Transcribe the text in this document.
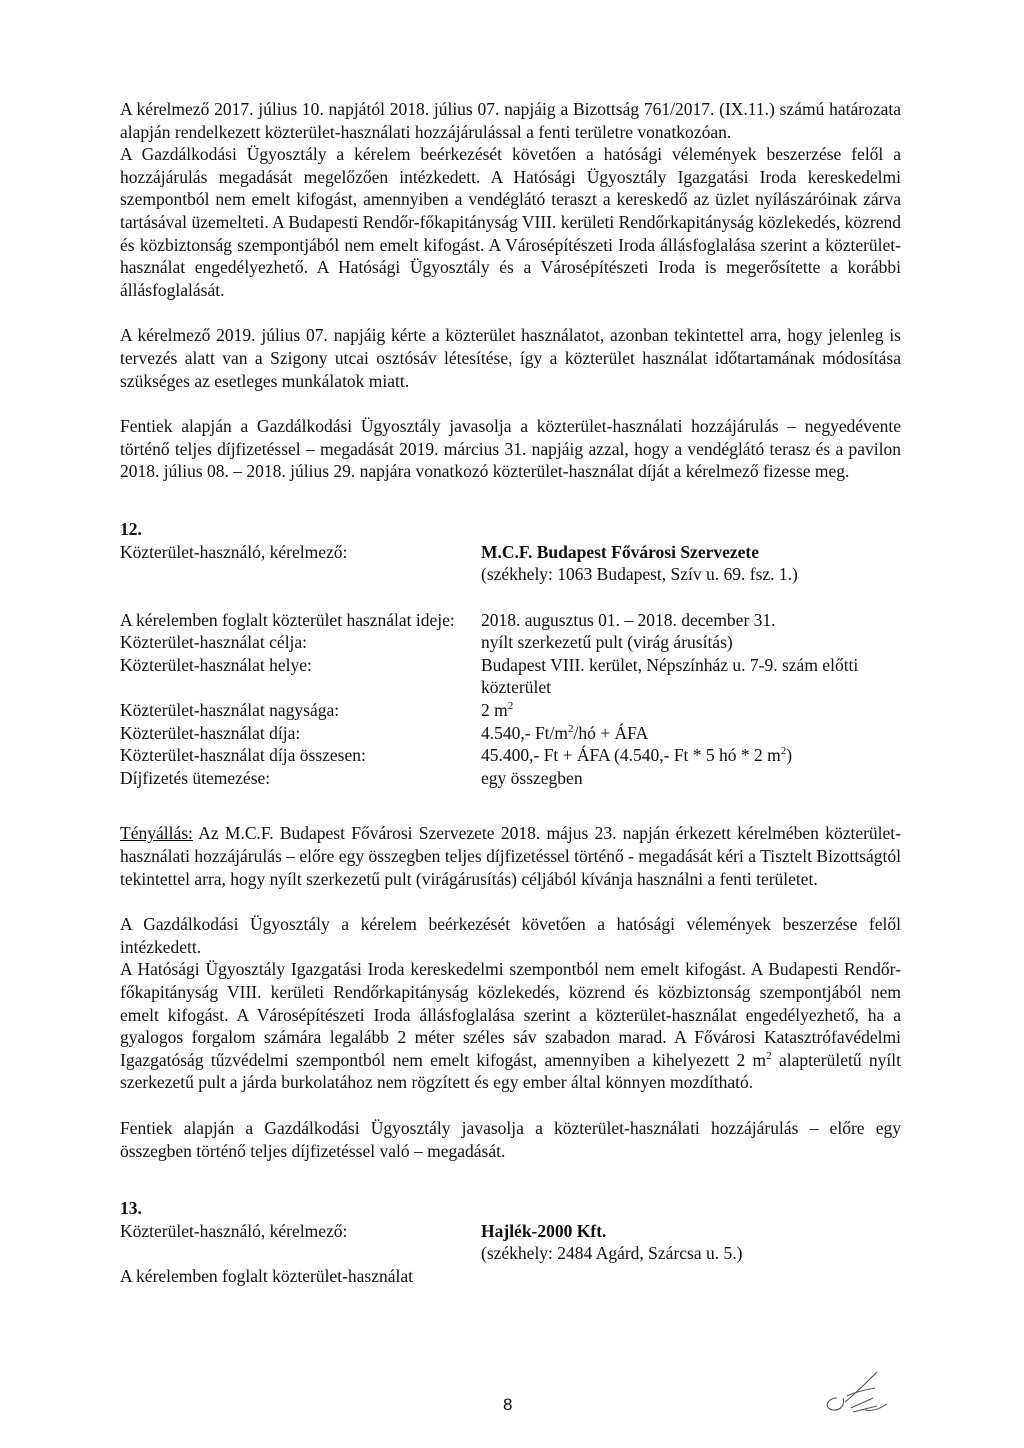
A kérelmező 2017. július 10. napjától 2018. július 07. napjáig a Bizottság 761/2017. (IX.11.) számú határozata alapján rendelkezett közterület-használati hozzájárulással a fenti területre vonatkozóan.

A Gazdálkodási Ügyosztály a kérelem beérkezését követően a hatósági vélemények beszerzése felől a hozzájárulás megadását megelőzően intézkedett. A Hatósági Ügyosztály Igazgatási Iroda kereskedelmi szempontból nem emelt kifogást, amennyiben a vendéglátó teraszt a kereskedő az üzlet nyílászáróinak zárva tartásával üzemelteti. A Budapesti Rendőr-főkapitányság VIII. kerületi Rendőrkapitányság közlekedés, közrend és közbiztonság szempontjából nem emelt kifogást. A Városépítészeti Iroda állásfoglalása szerint a közterület-használat engedélyezhető. A Hatósági Ügyosztály és a Városépítészeti Iroda is megerősítette a korábbi állásfoglalását.

A kérelmező 2019. július 07. napjáig kérte a közterület használatot, azonban tekintettel arra, hogy jelenleg is tervezés alatt van a Szigony utcai osztósáv létesítése, így a közterület használat időtartamának módosítása szükséges az esetleges munkálatok miatt.

Fentiek alapján a Gazdálkodási Ügyosztály javasolja a közterület-használati hozzájárulás – negyedévente történő teljes díjfizetéssel – megadását 2019. március 31. napjáig azzal, hogy a vendéglátó terasz és a pavilon 2018. július 08. – 2018. július 29. napjára vonatkozó közterület-használat díját a kérelmező fizesse meg.

12.

Közterület-használó, kérelmező:	M.C.F. Budapest Fővárosi Szervezete
(székhely: 1063 Budapest, Szív u. 69. fsz. 1.)
A kérelemben foglalt közterület használat ideje:	2018. augusztus 01. – 2018. december 31.
Közterület-használat célja:	nyílt szerkezetű pult (virág árusítás)
Közterület-használat helye:	Budapest VIII. kerület, Népszínház u. 7-9. szám előtti közterület
Közterület-használat nagysága:	2 $m^2$
Közterület-használat díja:	4.540,- $Ft/m^2/hó$ + ÁFA
Közterület-használat díja összesen:	45.400,- Ft + ÁFA (4.540,- Ft * 5 hó * 2 $m^2$)
Díjfizetés ütemezése:	egy összegben

Tényállás: Az M.C.F. Budapest Fővárosi Szervezete 2018. május 23. napján érkezett kérelmében közterület-használati hozzájárulás – előre egy összegben teljes díjfizetéssel történő - megadását kéri a Tisztelt Bizottságtól tekintettel arra, hogy nyílt szerkezetű pult (virágárusítás) céljából kívánja használni a fenti területet.

A Gazdálkodási Ügyosztály a kérelem beérkezését követően a hatósági vélemények beszerzése felől intézkedett.

A Hatósági Ügyosztály Igazgatási Iroda kereskedelmi szempontból nem emelt kifogást. A Budapesti Rendőr-főkapitányság VIII. kerületi Rendőrkapitányság közlekedés, közrend és közbiztonság szempontjából nem emelt kifogást. A Városépítészeti Iroda állásfoglalása szerint a közterület-használat engedélyezhető, ha a gyalogos forgalom számára legalább 2 méter széles sáv szabadon marad. A Fővárosi Katasztrófavédelmi Igazgatóság tűzvédelmi szempontból nem emelt kifogást, amennyiben a kihelyezett 2 $m^2$ alapterületű nyílt szerkezetű pult a járda burkolatához nem rögzített és egy ember által könnyen mozdítható.

Fentiek alapján a Gazdálkodási Ügyosztály javasolja a közterület-használati hozzájárulás – előre egy összegben történő teljes díjfizetéssel való – megadását.

13.

Közterület-használó, kérelmező:	Hajlék-2000 Kft.
(székhely: 2484 Agárd, Szárcsa u. 5.)
A kérelemben foglalt közterület-használat
8
